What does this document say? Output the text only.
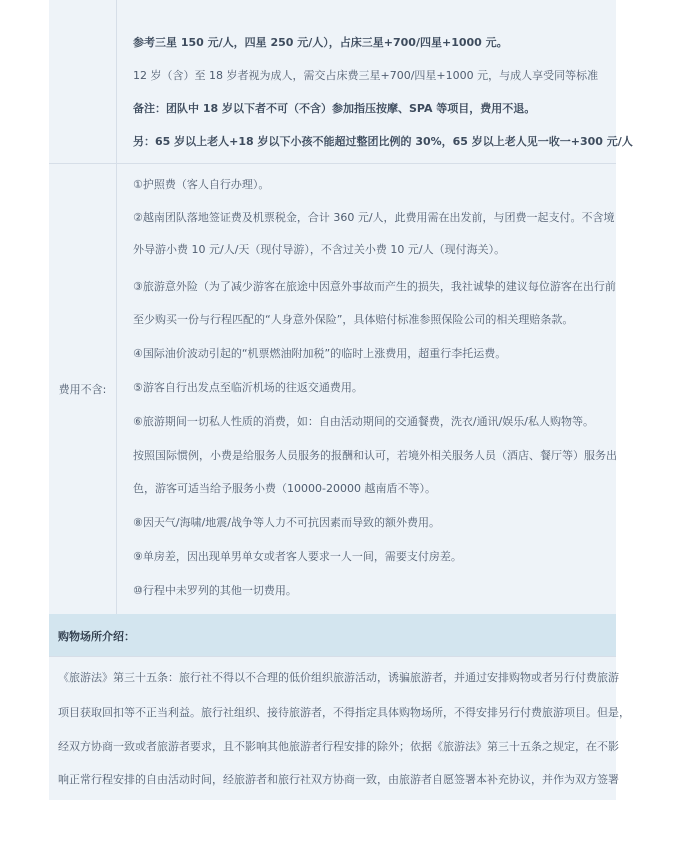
参考三星 150 元/人，四星 250 元/人），占床三星+700/四星+1000 元。
12 岁（含）至 18 岁者视为成人，需交占床费三星+700/四星+1000 元，与成人享受同等标准
备注：团队中 18 岁以下者不可（不含）参加指压按摩、SPA 等项目，费用不退。
另：65 岁以上老人+18 岁以下小孩不能超过整团比例的 30%，65 岁以上老人见一收一+300 元/人
费用不含:
①护照费（客人自行办理）。
②越南团队落地签证费及机票税金，合计 360 元/人，此费用需在出发前，与团费一起支付。不含境
外导游小费 10 元/人/天（现付导游），不含过关小费 10 元/人（现付海关）。
③旅游意外险（为了减少游客在旅途中因意外事故而产生的损失，我社诚挚的建议每位游客在出行前
至少购买一份与行程匹配的“人身意外保险”，具体赔付标准参照保险公司的相关理赔条款。
④国际油价波动引起的“机票燃油附加税”的临时上涨费用，超重行李托运费。
⑤游客自行出发点至临沂机场的往返交通费用。
⑥旅游期间一切私人性质的消费，如：自由活动期间的交通餐费，洗衣/通讯/娱乐/私人购物等。
按照国际惯例，小费是给服务人员服务的报酬和认可，若境外相关服务人员（酒店、餐厅等）服务出
色，游客可适当给予服务小费（10000-20000 越南盾不等）。
⑧因天气/海啸/地震/战争等人力不可抗因素而导致的额外费用。
⑨单房差，因出现单男单女或者客人要求一人一间，需要支付房差。
⑩行程中未罗列的其他一切费用。
购物场所介绍：
《旅游法》第三十五条：旅行社不得以不合理的低价组织旅游活动，诱骗旅游者，并通过安排购物或者另行付费旅游
项目获取回扣等不正当利益。旅行社组织、接待旅游者，不得指定具体购物场所，不得安排另行付费旅游项目。但是，
经双方协商一致或者旅游者要求，且不影响其他旅游者行程安排的除外；依据《旅游法》第三十五条之规定，在不影
响正常行程安排的自由活动时间，经旅游者和旅行社双方协商一致，由旅游者自愿签署本补充协议，并作为双方签署
